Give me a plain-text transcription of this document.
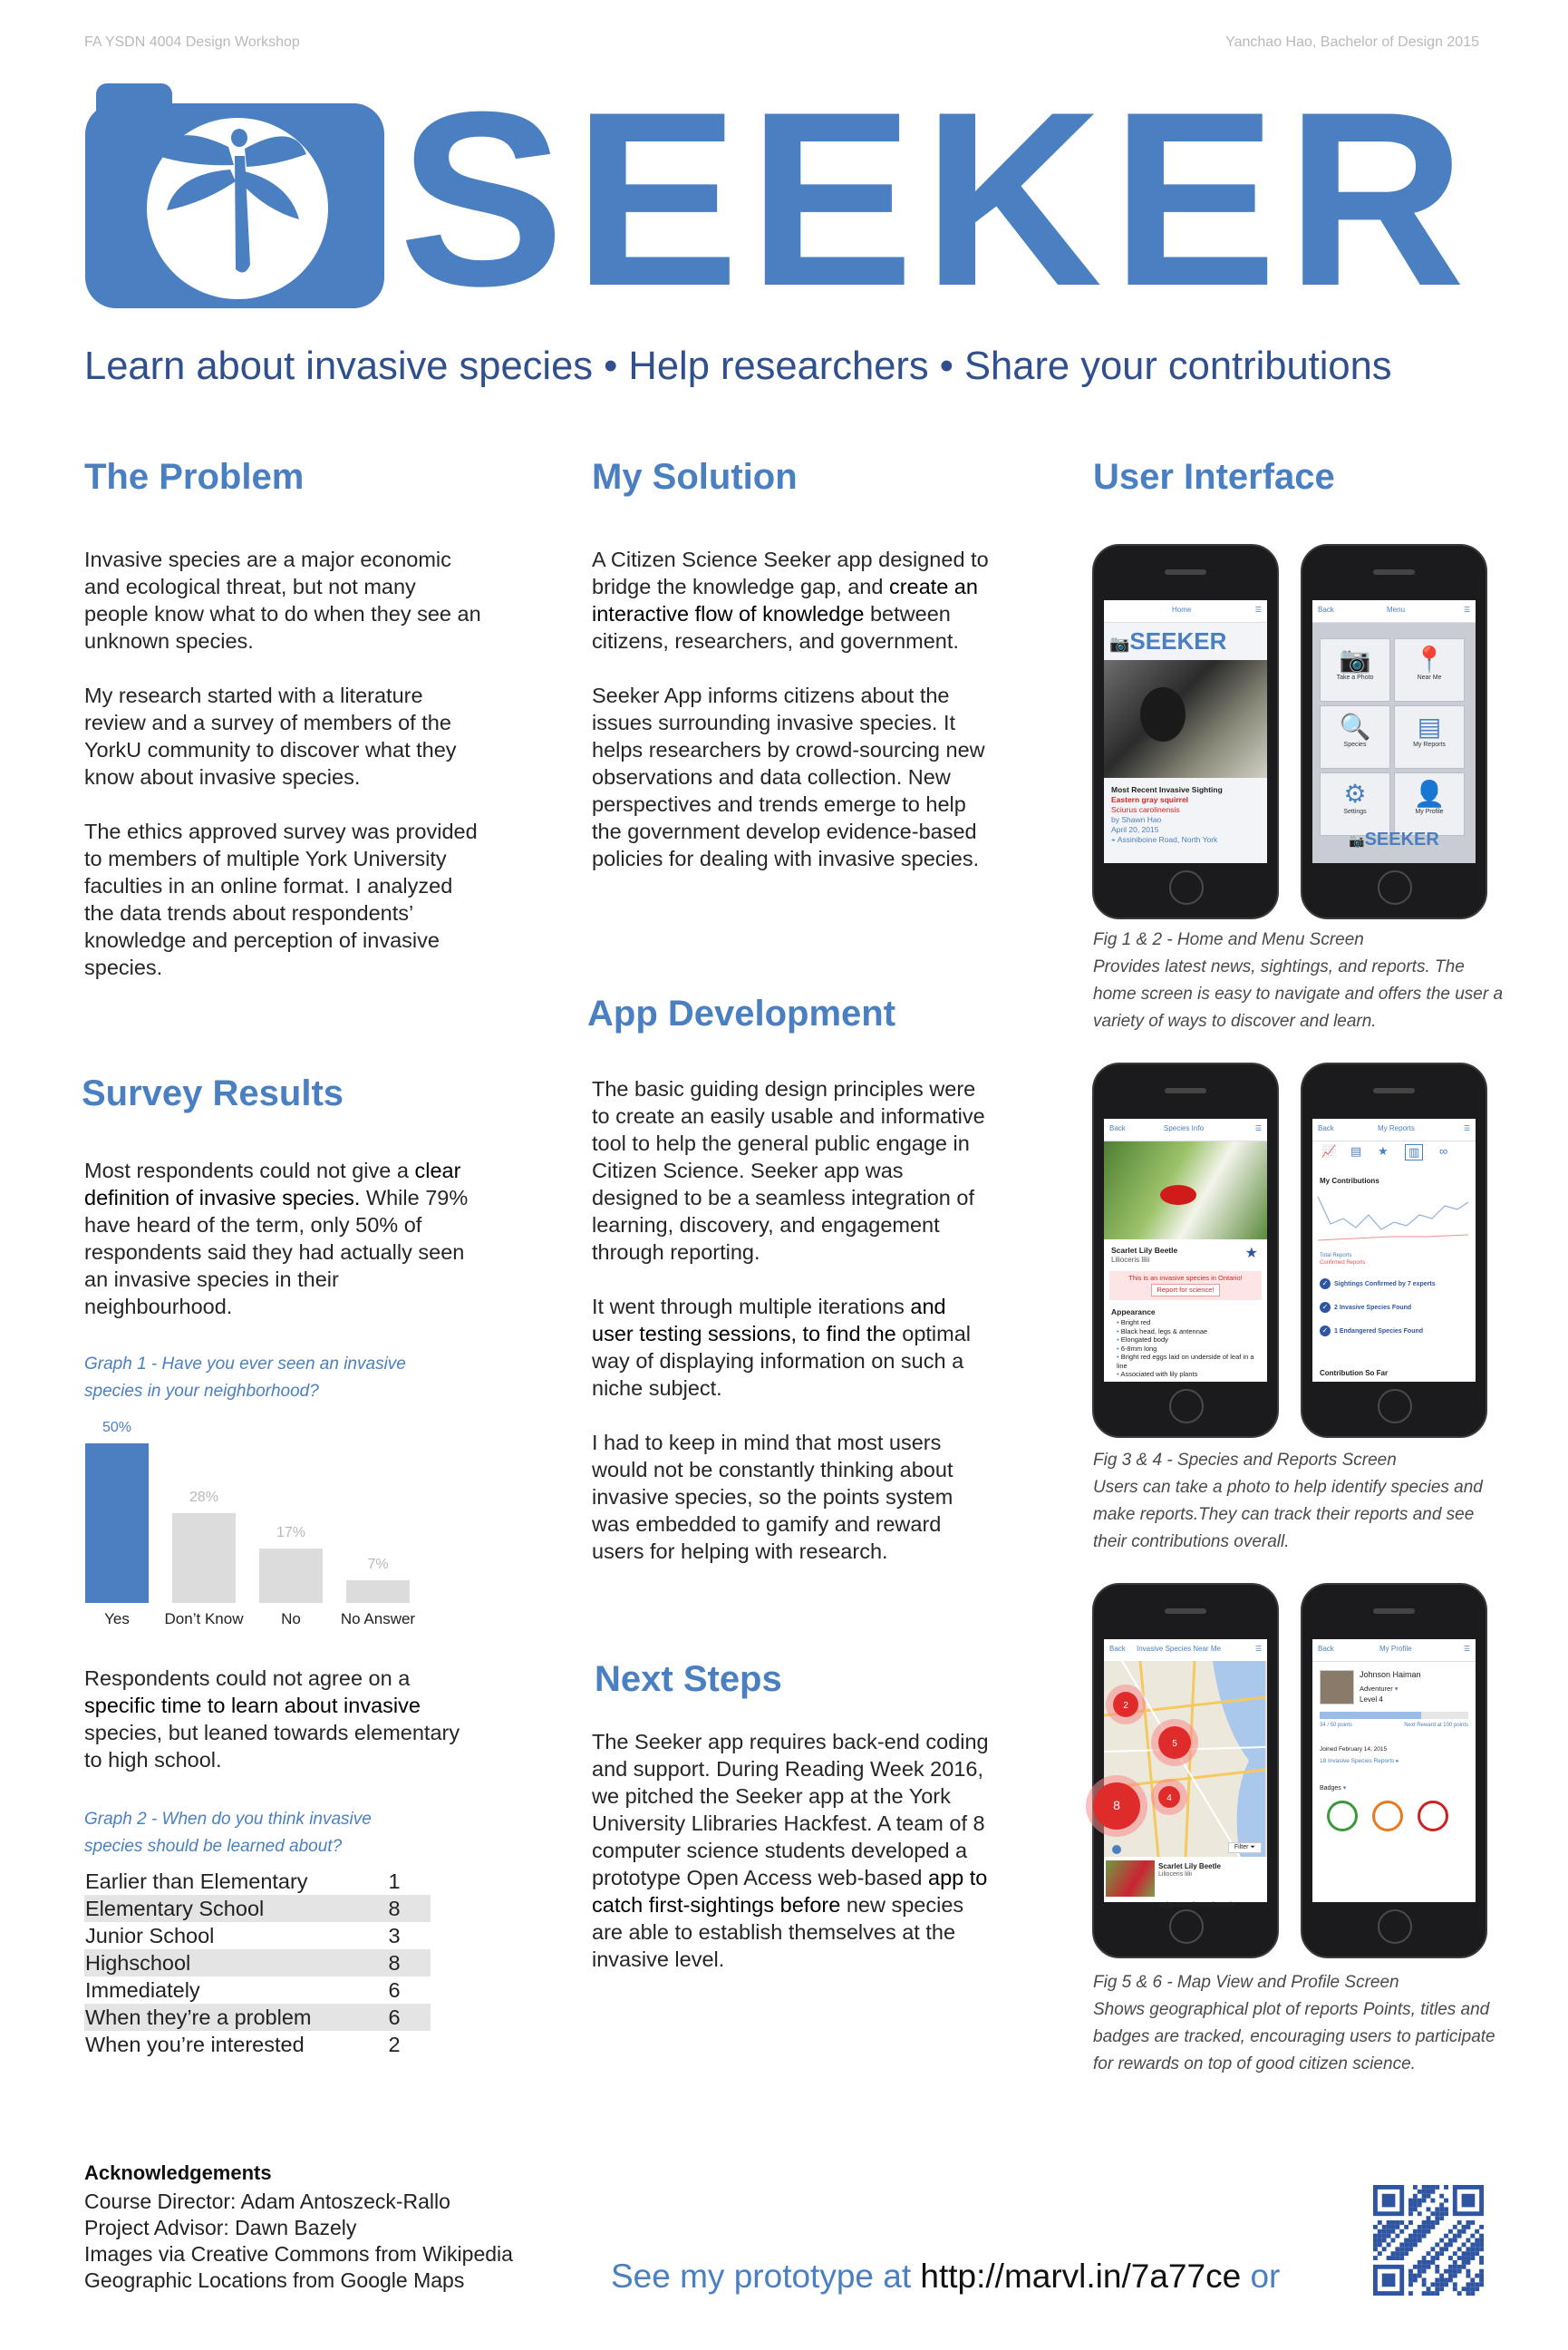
FA YSDN 4004 Design Workshop	Yanchao Hao, Bachelor of Design 2015
SEEKER
Learn about invasive species • Help researchers • Share your contributions
The Problem

Invasive species are a major economic and ecological threat, but not many people know what to do when they see an unknown species.

My research started with a literature review and a survey of members of the YorkU community to discover what they know about invasive species.

The ethics approved survey was provided to members of multiple York University faculties in an online format. I analyzed the data trends about respondents’ knowledge and perception of invasive species.

Survey Results

Most respondents could not give a clear definition of invasive species. While 79% have heard of the term, only 50% of respondents said they had actually seen an invasive species in their neighbourhood.

Graph 1 - Have you ever seen an invasive species in your neighborhood?
50%
Yes
28%
Don’t Know
17%
No
7%
No Answer

Respondents could not agree on a specific time to learn about invasive species, but leaned towards elementary to high school.

Graph 2 - When do you think invasive species should be learned about?
Earlier than Elementary	1
Elementary School	8
Junior School	3
Highschool	8
Immediately	6
When they’re a problem	6
When you’re interested	2
My Solution

A Citizen Science Seeker app designed to bridge the knowledge gap, and create an interactive flow of knowledge between citizens, researchers, and government.

Seeker App informs citizens about the issues surrounding invasive species. It helps researchers by crowd-sourcing new observations and data collection. New perspectives and trends emerge to help the government develop evidence-based policies for dealing with invasive species.

App Development

The basic guiding design principles were to create an easily usable and informative tool to help the general public engage in Citizen Science. Seeker app was designed to be a seamless integration of learning, discovery, and engagement through reporting.

It went through multiple iterations and user testing sessions, to find the optimal way of displaying information on such a niche subject.

I had to keep in mind that most users would not be constantly thinking about invasive species, so the points system was embedded to gamify and reward users for helping with research.

Next Steps

The Seeker app requires back-end coding and support. During Reading Week 2016, we pitched the Seeker app at the York University Llibraries Hackfest. A team of 8 computer science students developed a prototype Open Access web-based app to catch first-sightings before new species are able to establish themselves at the invasive level.

User Interface
Home	☰
📷SEEKER
Most Recent Invasive Sighting
Eastern gray squirrel
Sciurus carolinensis
by Shawn Hao
April 20, 2015
⌖ Assiniboine Road, North York
Back	Menu	☰
📷
Take a Photo
📍
Near Me
🔍
Species
▤
My Reports
⚙
Settings
👤
My Profile
📷SEEKER
Fig 1 & 2 - Home and Menu Screen
Provides latest news, sightings, and reports. The home screen is easy to navigate and offers the user a variety of ways to discover and learn.
Back	Species Info	☰
Scarlet Lily Beetle
Lilioceris lilii	★
This is an invasive species in Ontario!
Report for science!
Appearance
• Bright red
• Black head, legs & antennae
• Elongated body
• 6-8mm long
• Bright red eggs laid on underside of leaf in a line
• Associated with lily plants
Back	My Reports	☰
📈 ▤ ★	▥	∞
My Contributions
Total Reports
Confirmed Reports
✓ Sightings Confirmed by 7 experts
✓ 2 Invasive Species Found
✓ 1 Endangered Species Found
Contribution So Far
Fig 3 & 4 - Species and Reports Screen
Users can take a photo to help identify species and make reports.They can track their reports and see their contributions overall.
Back Invasive Species Near Me	☰
2
5
8	4
Filter ⏷
Scarlet Lily Beetle
Lilioceris lilii
Asian Longhorned Beetle
Back	My Profile	☰
Johnson Haiman
Adventurer ▾
Level 4
34 / 50 points	Next Reward at 100 points
Joined February 14, 2015
18 Invasive Species Reports ▸
Badges ▾
Fig 5 & 6 - Map View and Profile Screen
Shows geographical plot of reports Points, titles and badges are tracked, encouraging users to participate for rewards on top of good citizen science.
Acknowledgements
Course Director: Adam Antoszeck-Rallo
Project Advisor: Dawn Bazely
Images via Creative Commons from Wikipedia
Geographic Locations from Google Maps	See my prototype at http://marvl.in/7a77ce or
